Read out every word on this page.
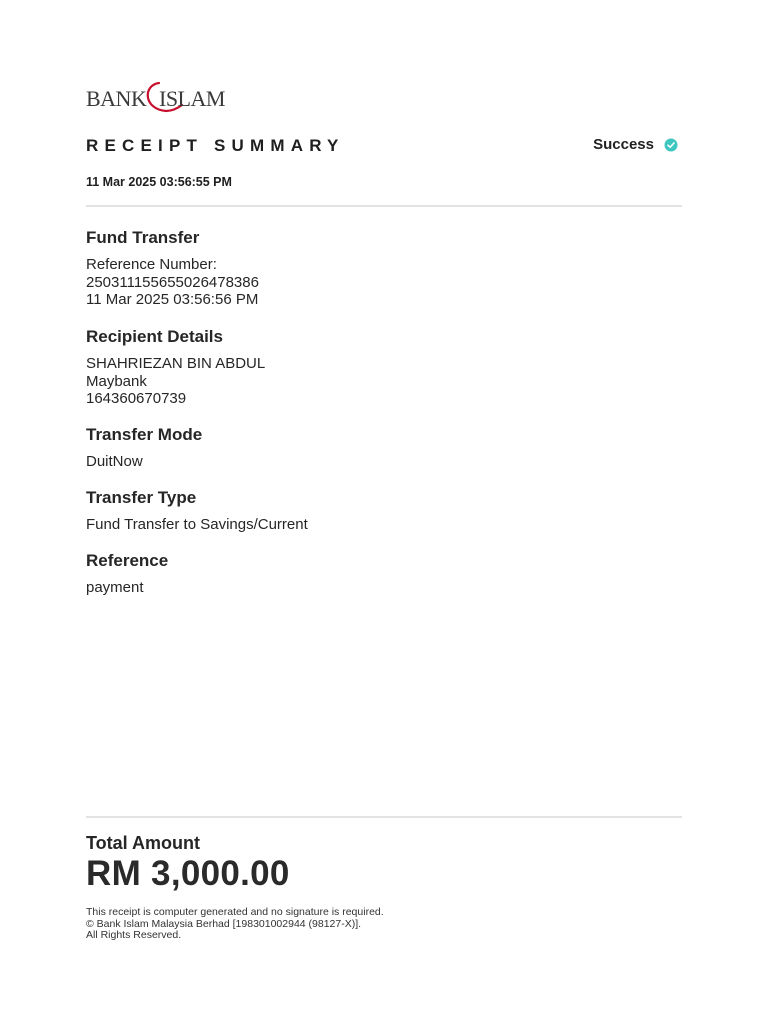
BANK ISLAM
RECEIPT SUMMARY	Success
11 Mar 2025 03:56:55 PM
Fund Transfer
Reference Number:
250311155655026478386
11 Mar 2025 03:56:56 PM
Recipient Details
SHAHRIEZAN BIN ABDUL
Maybank
164360670739
Transfer Mode
DuitNow
Transfer Type
Fund Transfer to Savings/Current
Reference
payment
Total Amount
RM 3,000.00
This receipt is computer generated and no signature is required.
© Bank Islam Malaysia Berhad [198301002944 (98127-X)].
All Rights Reserved.
